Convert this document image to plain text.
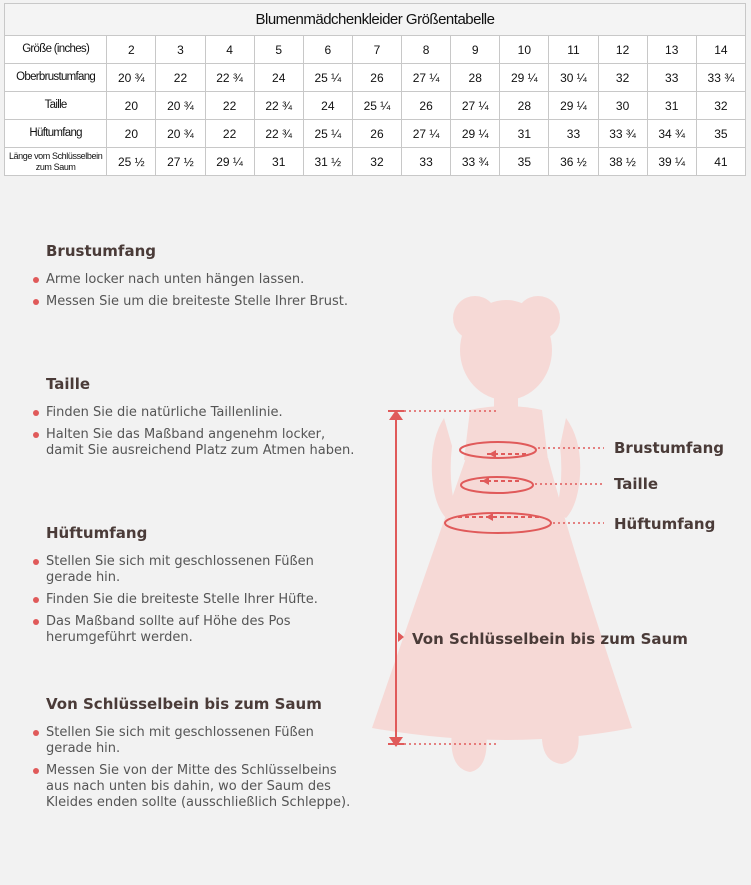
Blumenmädchenkleider Größentabelle													
Größe (inches)	2	3	4	5	6	7	8	9	10	11	12	13	14
Oberbrustumfang	20 ¾	22	22 ¾	24	25 ¼	26	27 ¼	28	29 ¼	30 ¼	32	33	33 ¾
Taille	20	20 ¾	22	22 ¾	24	25 ¼	26	27 ¼	28	29 ¼	30	31	32
Hüftumfang	20	20 ¾	22	22 ¾	25 ¼	26	27 ¼	29 ¼	31	33	33 ¾	34 ¾	35
Länge vom Schlüsselbein zum Saum	25 ½	27 ½	29 ¼	31	31 ½	32	33	33 ¾	35	36 ½	38 ½	39 ¼	41
Brustumfang
Arme locker nach unten hängen lassen.
Messen Sie um die breiteste Stelle Ihrer Brust.
Taille
Finden Sie die natürliche Taillenlinie.
Halten Sie das Maßband angenehm locker, damit Sie ausreichend Platz zum Atmen haben.
Hüftumfang
Stellen Sie sich mit geschlossenen Füßen gerade hin.
Finden Sie die breiteste Stelle Ihrer Hüfte.
Das Maßband sollte auf Höhe des Pos herumgeführt werden.
Von Schlüsselbein bis zum Saum
Stellen Sie sich mit geschlossenen Füßen gerade hin.
Messen Sie von der Mitte des Schlüsselbeins aus nach unten bis dahin, wo der Saum des Kleides enden sollte (ausschließlich Schleppe).
Brustumfang
Taille
Hüftumfang
Von Schlüsselbein bis zum Saum
